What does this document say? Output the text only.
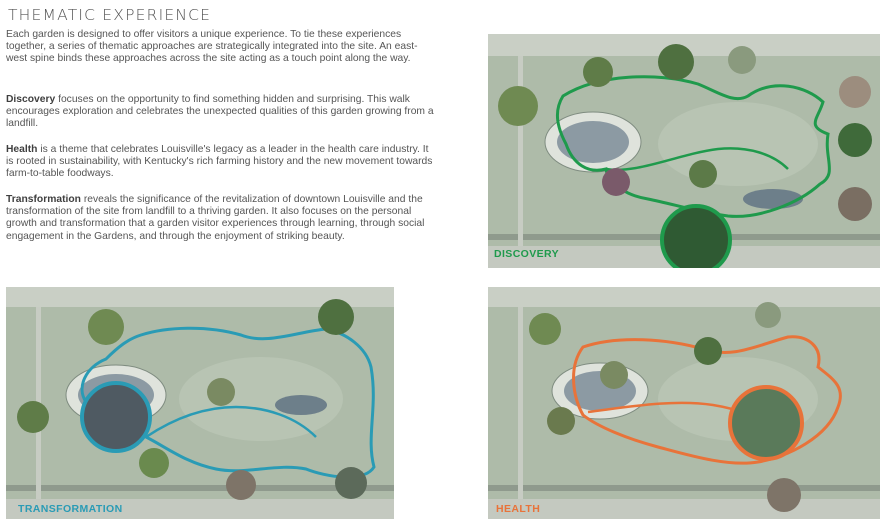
THEMATIC EXPERIENCE

Each garden is designed to offer visitors a unique experience. To tie these experiences together, a series of thematic approaches are strategically integrated into the site. An east-west spine binds these approaches across the site acting as a touch point along the way.

Discovery focuses on the opportunity to find something hidden and surprising. This walk encourages exploration and celebrates the unexpected qualities of this garden growing from a landfill.

Health is a theme that celebrates Louisville's legacy as a leader in the health care industry. It is rooted in sustainability, with Kentucky's rich farming history and the new movement towards farm-to-table foodways.

Transformation reveals the significance of the revitalization of downtown Louisville and the transformation of the site from landfill to a thriving garden. It also focuses on the personal growth and transformation that a garden visitor experiences through learning, through social engagement in the Gardens, and through the enjoyment of striking beauty.

DISCOVERY
TRANSFORMATION	HEALTH
